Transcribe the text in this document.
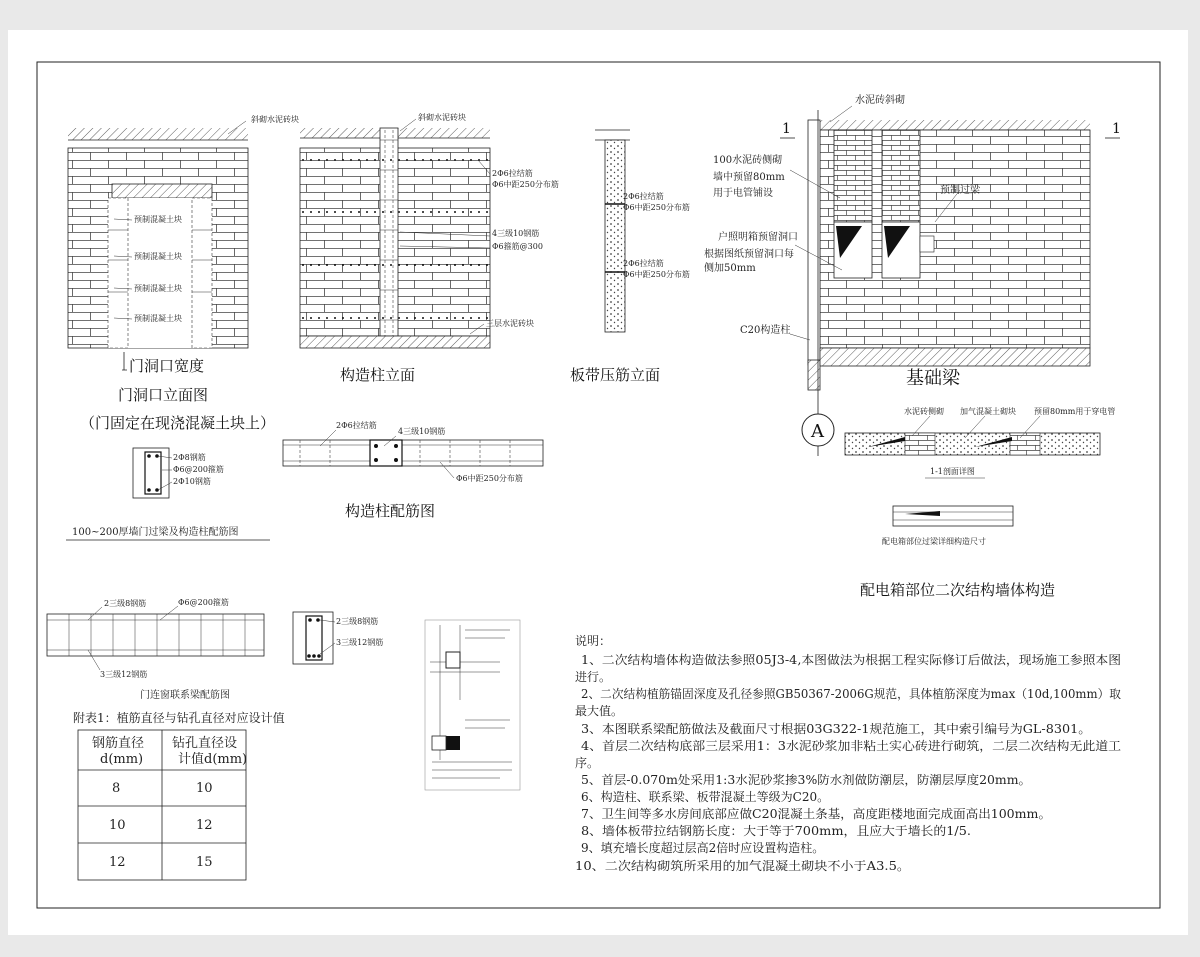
斜砌水泥砖块
预制混凝土块
预制混凝土块
预制混凝土块
预制混凝土块
门洞口宽度
门洞口立面图
（门固定在现浇混凝土块上）
斜砌水泥砖块
2Φ6拉结筋
Φ6中距250分布筋
4三级10钢筋
Φ6箍筋@300
三层水泥砖块
构造柱立面
2Φ6拉结筋
Φ6中距250分布筋
2Φ6拉结筋
Φ6中距250分布筋
板带压筋立面
2Φ6拉结筋
4三级10钢筋
Φ6中距250分布筋
构造柱配筋图
2Φ8钢筋
Φ6@200箍筋
2Φ10钢筋
100~200厚墙门过梁及构造柱配筋图
2三级8钢筋	Φ6@200箍筋
3三级12钢筋
门连窗联系梁配筋图
2三级8钢筋
3三级12钢筋
附表1：植筋直径与钻孔直径对应设计值
钢筋直径
d(mm)
钻孔直径设
计值d(mm)
8	10
10	12
12	15
1	1
水泥砖斜砌
100水泥砖侧砌
墙中预留80mm
用于电管铺设	预制过梁
户照明箱预留洞口
根据图纸预留洞口每
侧加50mm
C20构造柱
基础梁
A
水泥砖侧砌 加气混凝土砌块 预留80mm用于穿电管
1-1剖面详图
配电箱部位过梁详细构造尺寸
配电箱部位二次结构墙体构造
说明：
1、二次结构墙体构造做法参照05J3-4,本图做法为根据工程实际修订后做法，现场施工参照本图
进行。
2、二次结构植筋锚固深度及孔径参照GB50367-2006G规范，具体植筋深度为max（10d,100mm）取
最大值。
3、本图联系梁配筋做法及截面尺寸根据03G322-1规范施工，其中索引编号为GL-8301。
4、首层二次结构底部三层采用1：3水泥砂浆加非粘土实心砖进行砌筑，二层二次结构无此道工
序。
5、首层-0.070m处采用1:3水泥砂浆掺3%防水剂做防潮层，防潮层厚度20mm。
6、构造柱、联系梁、板带混凝土等级为C20。
7、卫生间等多水房间底部应做C20混凝土条基，高度距楼地面完成面高出100mm。
8、墙体板带拉结钢筋长度：大于等于700mm，且应大于墙长的1/5.
9、填充墙长度超过层高2倍时应设置构造柱。
10、二次结构砌筑所采用的加气混凝土砌块不小于A3.5。
